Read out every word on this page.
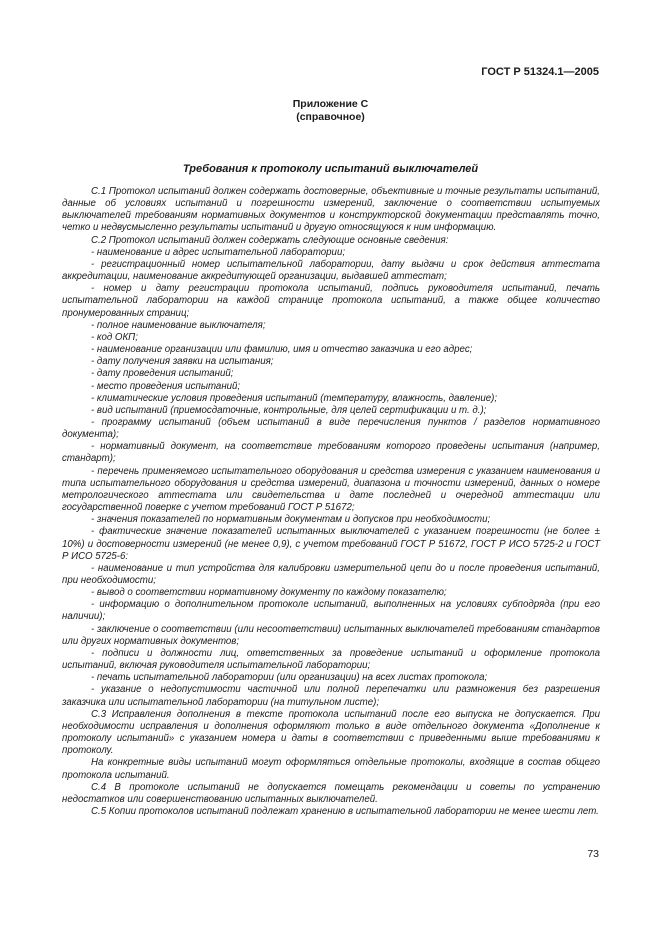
ГОСТ Р 51324.1—2005
Приложение С
(справочное)
Требования к протоколу испытаний выключателей

С.1 Протокол испытаний должен содержать достоверные, объективные и точные результаты испытаний, данные об условиях испытаний и погрешности измерений, заключение о соответствии испытуемых выключателей требованиям нормативных документов и конструкторской документации представлять точно, четко и недвусмысленно результаты испытаний и другую относящуюся к ним информацию.

С.2 Протокол испытаний должен содержать следующие основные сведения:

- наименование и адрес испытательной лаборатории;

- регистрационный номер испытательной лаборатории, дату выдачи и срок действия аттестата аккредитации, наименование аккредитующей организации, выдавшей аттестат;

- номер и дату регистрации протокола испытаний, подпись руководителя испытаний, печать испытательной лаборатории на каждой странице протокола испытаний, а также общее количество пронумерованных страниц;

- полное наименование выключателя;

- код ОКП;

- наименование организации или фамилию, имя и отчество заказчика и его адрес;

- дату получения заявки на испытания;

- дату проведения испытаний;

- место проведения испытаний;

- климатические условия проведения испытаний (температуру, влажность, давление);

- вид испытаний (приемосдаточные, контрольные, для целей сертификации и т. д.);

- программу испытаний (объем испытаний в виде перечисления пунктов / разделов нормативного документа);

- нормативный документ, на соответствие требованиям которого проведены испытания (например, стандарт);

- перечень применяемого испытательного оборудования и средства измерения с указанием наименования и типа испытательного оборудования и средства измерений, диапазона и точности измерений, данных о номере метрологического аттестата или свидетельства и дате последней и очередной аттестации или государственной поверке с учетом требований ГОСТ Р 51672;

- значения показателей по нормативным документам и допусков при необходимости;

- фактические значение показателей испытанных выключателей с указанием погрешности (не более ± 10%) и достоверности измерений (не менее 0,9), с учетом требований ГОСТ Р 51672, ГОСТ Р ИСО 5725-2 и ГОСТ Р ИСО 5725-6:

- наименование и тип устройства для калибровки измерительной цепи до и после проведения испытаний, при необходимости;

- вывод о соответствии нормативному документу по каждому показателю;

- информацию о дополнительном протоколе испытаний, выполненных на условиях субподряда (при его наличии);

- заключение о соответствии (или несоответствии) испытанных выключателей требованиям стандартов или других нормативных документов;

- подписи и должности лиц, ответственных за проведение испытаний и оформление протокола испытаний, включая руководителя испытательной лаборатории;

- печать испытательной лаборатории (или организации) на всех листах протокола;

- указание о недопустимости частичной или полной перепечатки или размножения без разрешения заказчика или испытательной лаборатории (на титульном листе);

С.3 Исправления дополнения в тексте протокола испытаний после его выпуска не допускается. При необходимости исправления и дополнения оформляют только в виде отдельного документа «Дополнение к протоколу испытаний» с указанием номера и даты в соответствии с приведенными выше требованиями к протоколу.

На конкретные виды испытаний могут оформляться отдельные протоколы, входящие в состав общего протокола испытаний.

С.4 В протоколе испытаний не допускается помещать рекомендации и советы по устранению недостатков или совершенствованию испытанных выключателей.

С.5 Копии протоколов испытаний подлежат хранению в испытательной лаборатории не менее шести лет.

73
